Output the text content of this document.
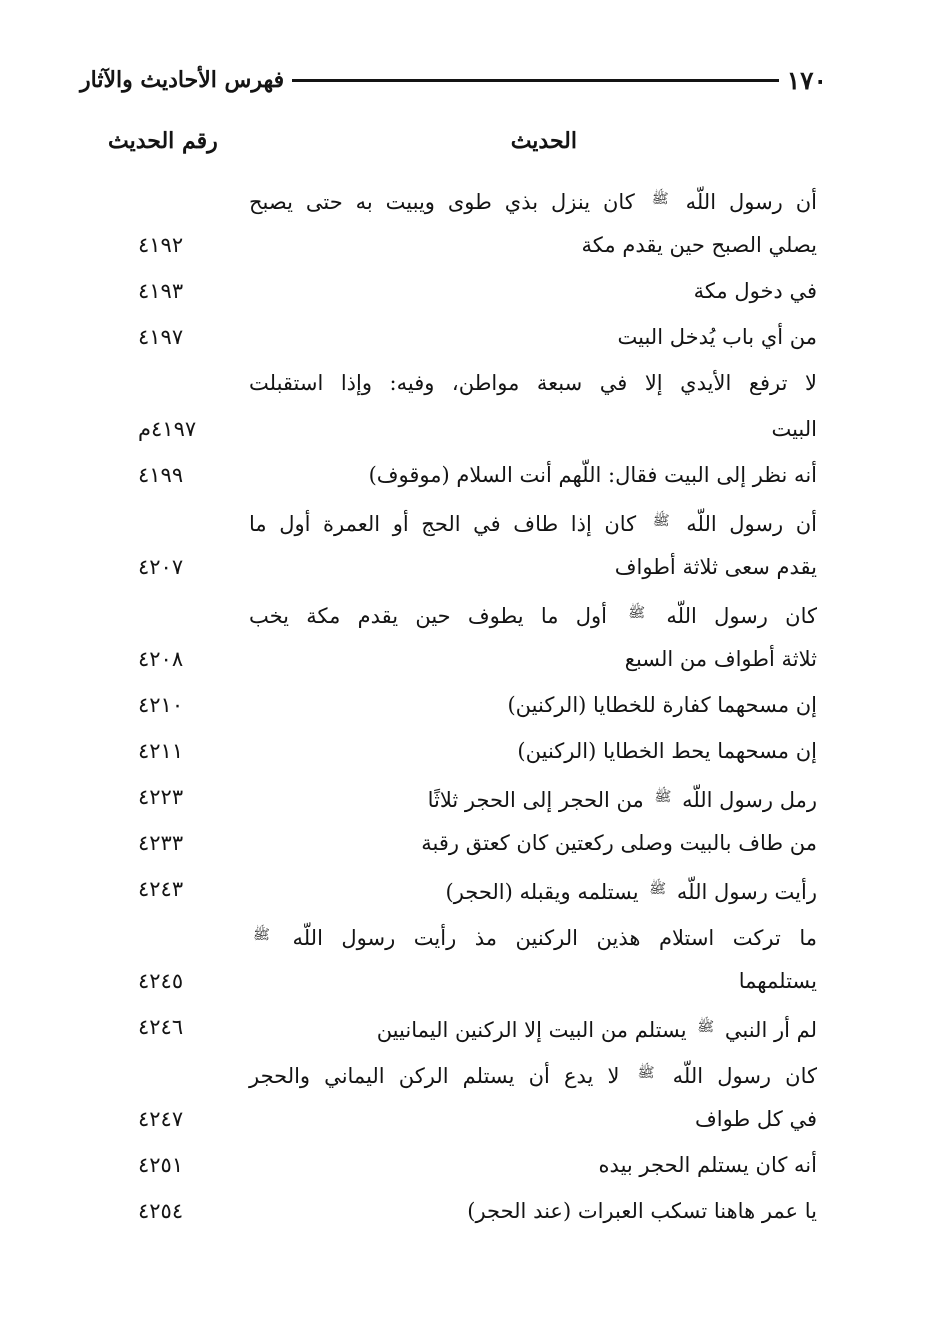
١٧٠
فهرس الأحاديث والآثار
الحديث
رقم الحديث
أن رسول اللّه ﷺ كان ينزل بذي طوى ويبيت به حتى يصبح
يصلي الصبح حين يقدم مكة
٤١٩٢
في دخول مكة
٤١٩٣
من أي باب يُدخل البيت
٤١٩٧
لا ترفع الأيدي إلا في سبعة مواطن، وفيه: وإذا استقبلت
البيت
٤١٩٧م
أنه نظر إلى البيت فقال: اللّهم أنت السلام (موقوف)
٤١٩٩
أن رسول اللّه ﷺ كان إذا طاف في الحج أو العمرة أول ما
يقدم سعى ثلاثة أطواف
٤٢٠٧
كان رسول اللّه ﷺ أول ما يطوف حين يقدم مكة يخب
ثلاثة أطواف من السبع
٤٢٠٨
إن مسحهما كفارة للخطايا (الركنين)
٤٢١٠
إن مسحهما يحط الخطايا (الركنين)
٤٢١١
رمل رسول اللّه ﷺ من الحجر إلى الحجر ثلاثًا
٤٢٢٣
من طاف بالبيت وصلى ركعتين كان كعتق رقبة
٤٢٣٣
رأيت رسول اللّه ﷺ يستلمه ويقبله (الحجر)
٤٢٤٣
ما تركت استلام هذين الركنين مذ رأيت رسول اللّه ﷺ
يستلمهما
٤٢٤٥
لم أر النبي ﷺ يستلم من البيت إلا الركنين اليمانيين
٤٢٤٦
كان رسول اللّه ﷺ لا يدع أن يستلم الركن اليماني والحجر
في كل طواف
٤٢٤٧
أنه كان يستلم الحجر بيده
٤٢٥١
يا عمر هاهنا تسكب العبرات (عند الحجر)
٤٢٥٤
